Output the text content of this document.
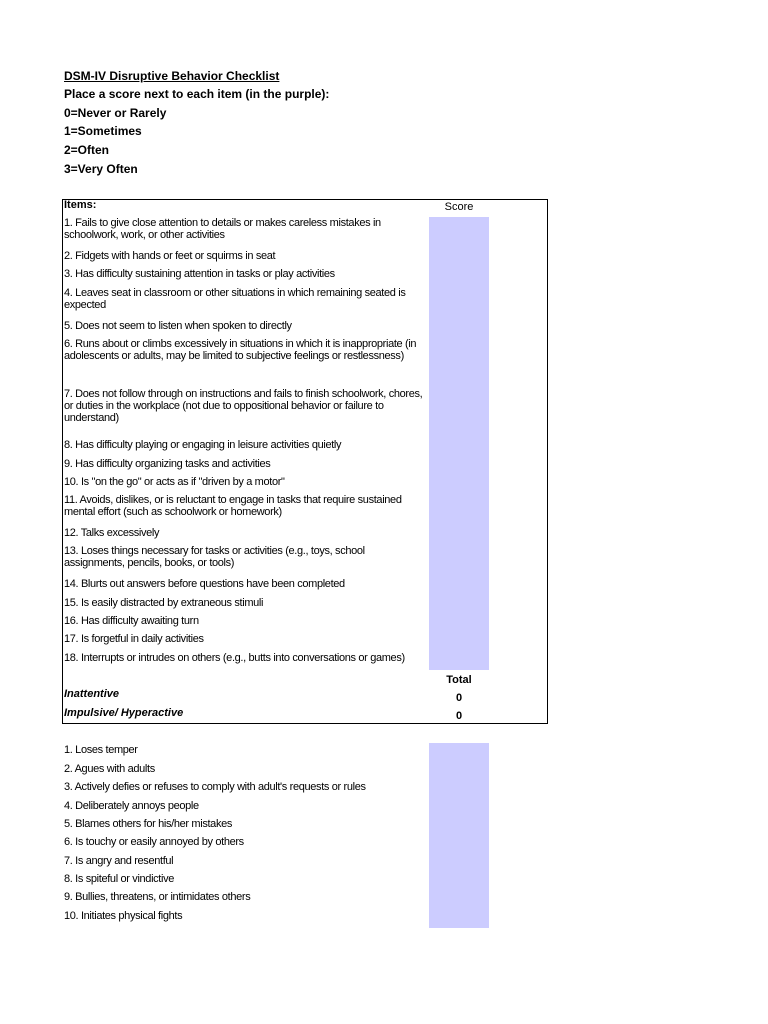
DSM-IV Disruptive Behavior Checklist
Place a score next to each item (in the purple):
0=Never or Rarely
1=Sometimes
2=Often
3=Very Often
Items:	Score
1. Fails to give close attention to details or makes careless mistakes in schoolwork, work, or other activities
2. Fidgets with hands or feet or squirms in seat
3. Has difficulty sustaining attention in tasks or play activities
4. Leaves seat in classroom or other situations in which remaining seated is expected
5. Does not seem to listen when spoken to directly
6. Runs about or climbs excessively in situations in which it is inappropriate (in adolescents or adults, may be limited to subjective feelings or restlessness)
7. Does not follow through on instructions and fails to finish schoolwork, chores, or duties in the workplace (not due to oppositional behavior or failure to understand)
8. Has difficulty playing or engaging in leisure activities quietly
9. Has difficulty organizing tasks and activities
10. Is "on the go" or acts as if "driven by a motor"
11. Avoids, dislikes, or is reluctant to engage in tasks that require sustained mental effort (such as schoolwork or homework)
12. Talks excessively
13. Loses things necessary for tasks or activities (e.g., toys, school assignments, pencils, books, or tools)
14. Blurts out answers before questions have been completed
15. Is easily distracted by extraneous stimuli
16. Has difficulty awaiting turn
17. Is forgetful in daily activities
18. Interrupts or intrudes on others (e.g., butts into conversations or games)
Total
Inattentive	0
Impulsive/ Hyperactive	0
1. Loses temper
2. Agues with adults
3. Actively defies or refuses to comply with adult's requests or rules
4. Deliberately annoys people
5. Blames others for his/her mistakes
6. Is touchy or easily annoyed by others
7. Is angry and resentful
8. Is spiteful or vindictive
9. Bullies, threatens, or intimidates others
10. Initiates physical fights
